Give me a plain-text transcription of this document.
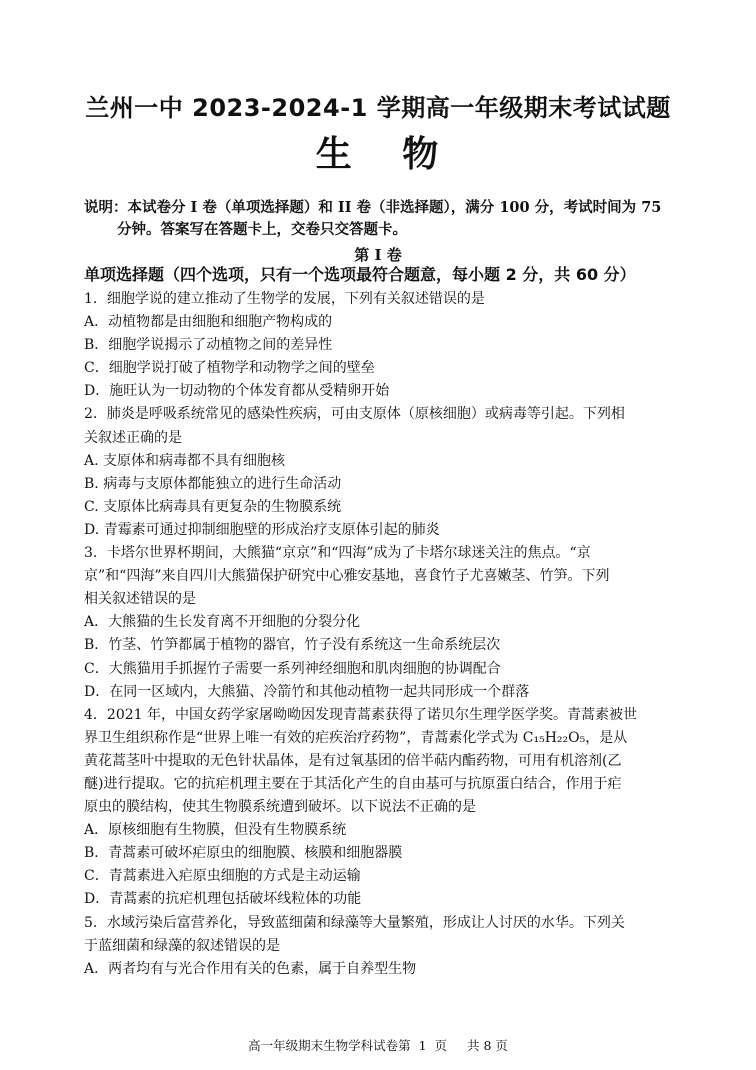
兰州一中 2023-2024-1 学期高一年级期末考试试题
生 物
说明：本试卷分 I 卷（单项选择题）和 II 卷（非选择题），满分 100 分，考试时间为 75
分钟。答案写在答题卡上，交卷只交答题卡。
第 I 卷
单项选择题（四个选项，只有一个选项最符合题意，每小题 2 分，共 60 分）
1．细胞学说的建立推动了生物学的发展，下列有关叙述错误的是
A．动植物都是由细胞和细胞产物构成的
B．细胞学说揭示了动植物之间的差异性
C．细胞学说打破了植物学和动物学之间的壁垒
D．施旺认为一切动物的个体发育都从受精卵开始
2．肺炎是呼吸系统常见的感染性疾病，可由支原体（原核细胞）或病毒等引起。下列相
关叙述正确的是
A. 支原体和病毒都不具有细胞核
B. 病毒与支原体都能独立的进行生命活动
C. 支原体比病毒具有更复杂的生物膜系统
D. 青霉素可通过抑制细胞壁的形成治疗支原体引起的肺炎
3．卡塔尔世界杯期间，大熊猫“京京”和“四海”成为了卡塔尔球迷关注的焦点。“京
京”和“四海”来自四川大熊猫保护研究中心雅安基地，喜食竹子尤喜嫩茎、竹笋。下列
相关叙述错误的是
A．大熊猫的生长发育离不开细胞的分裂分化
B．竹茎、竹笋都属于植物的器官，竹子没有系统这一生命系统层次
C．大熊猫用手抓握竹子需要一系列神经细胞和肌肉细胞的协调配合
D．在同一区域内，大熊猫、冷箭竹和其他动植物一起共同形成一个群落
4．2021 年，中国女药学家屠呦呦因发现青蒿素获得了诺贝尔生理学医学奖。青蒿素被世
界卫生组织称作是“世界上唯一有效的疟疾治疗药物”，青蒿素化学式为 C₁₅H₂₂O₅，是从
黄花蒿茎叶中提取的无色针状晶体，是有过氧基团的倍半萜内酯药物，可用有机溶剂(乙
醚)进行提取。它的抗疟机理主要在于其活化产生的自由基可与抗原蛋白结合，作用于疟
原虫的膜结构，使其生物膜系统遭到破坏。以下说法不正确的是
A．原核细胞有生物膜，但没有生物膜系统
B．青蒿素可破坏疟原虫的细胞膜、核膜和细胞器膜
C．青蒿素进入疟原虫细胞的方式是主动运输
D．青蒿素的抗疟机理包括破坏线粒体的功能
5．水域污染后富营养化，导致蓝细菌和绿藻等大量繁殖，形成让人讨厌的水华。下列关
于蓝细菌和绿藻的叙述错误的是
A．两者均有与光合作用有关的色素，属于自养型生物
高一年级期末生物学科试卷第 1 页 共 8 页
